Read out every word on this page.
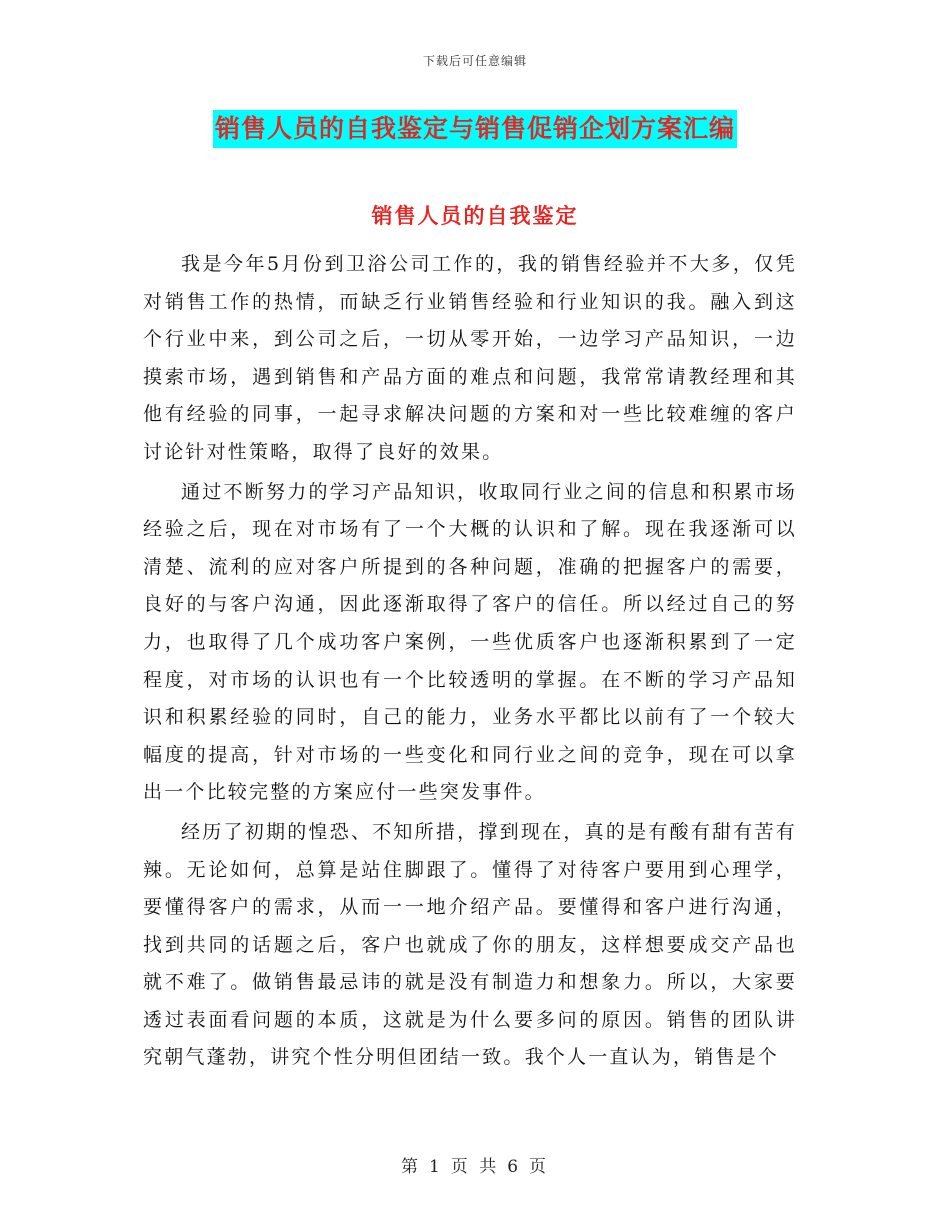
下载后可任意编辑
销售人员的自我鉴定与销售促销企划方案汇编
销售人员的自我鉴定

我是今年5月份到卫浴公司工作的，我的销售经验并不大多，仅凭对销售工作的热情，而缺乏行业销售经验和行业知识的我。融入到这个行业中来，到公司之后，一切从零开始，一边学习产品知识，一边摸索市场，遇到销售和产品方面的难点和问题，我常常请教经理和其他有经验的同事，一起寻求解决问题的方案和对一些比较难缠的客户讨论针对性策略，取得了良好的效果。

通过不断努力的学习产品知识，收取同行业之间的信息和积累市场经验之后，现在对市场有了一个大概的认识和了解。现在我逐渐可以清楚、流利的应对客户所提到的各种问题，准确的把握客户的需要，良好的与客户沟通，因此逐渐取得了客户的信任。所以经过自己的努力，也取得了几个成功客户案例，一些优质客户也逐渐积累到了一定程度，对市场的认识也有一个比较透明的掌握。在不断的学习产品知识和积累经验的同时，自己的能力，业务水平都比以前有了一个较大幅度的提高，针对市场的一些变化和同行业之间的竞争，现在可以拿出一个比较完整的方案应付一些突发事件。

经历了初期的惶恐、不知所措，撑到现在，真的是有酸有甜有苦有辣。无论如何，总算是站住脚跟了。懂得了对待客户要用到心理学，要懂得客户的需求，从而一一地介绍产品。要懂得和客户进行沟通，找到共同的话题之后，客户也就成了你的朋友，这样想要成交产品也就不难了。做销售最忌讳的就是没有制造力和想象力。所以，大家要透过表面看问题的本质，这就是为什么要多问的原因。销售的团队讲究朝气蓬勃，讲究个性分明但团结一致。我个人一直认为，销售是个

第 1 页 共 6 页
